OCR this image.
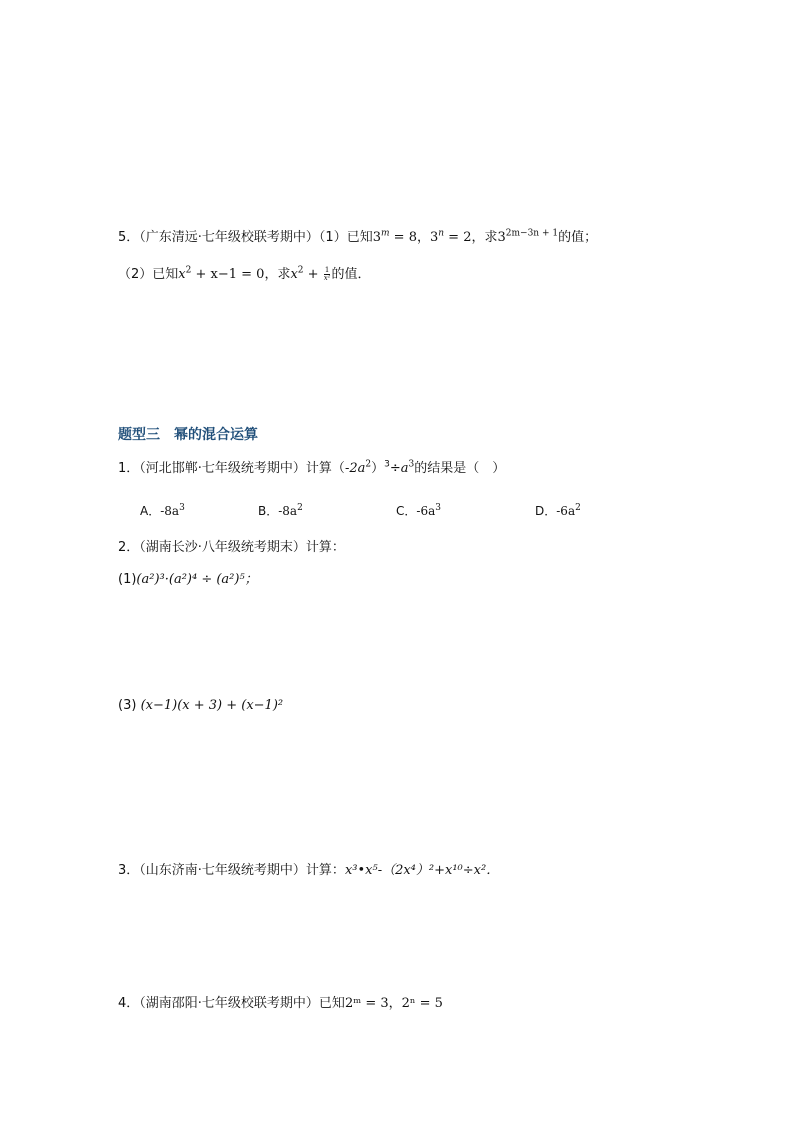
5．（广东清远·七年级校联考期中）（1）已知$3^m = 8$，$3^n = 2$，求$3^{2m-3n + 1}$的值；
（2）已知$x^2 + x-1 = 0$，求$x^2 + \frac{1}{\text{x²}}$ 的值．
题型三　幂的混合运算
1．（河北邯郸·七年级统考期中）计算$(-2a^2)^3\div a^3$的结果是（　）
A．$-8a^3$	B．$-8a^2$	C．$-6a^3$	D．$-6a^2$
2．（湖南长沙·八年级统考期末）计算：
(1)(a²)³·(a²)⁴ ÷ (a²)⁵；
(3) (x−1)(x + 3) + (x−1)²
3．（山东济南·七年级统考期中）计算：x³•x⁵-（2x⁴）²+x¹⁰÷x²．
4．（湖南邵阳·七年级校联考期中）已知2ᵐ = 3，2ⁿ = 5
